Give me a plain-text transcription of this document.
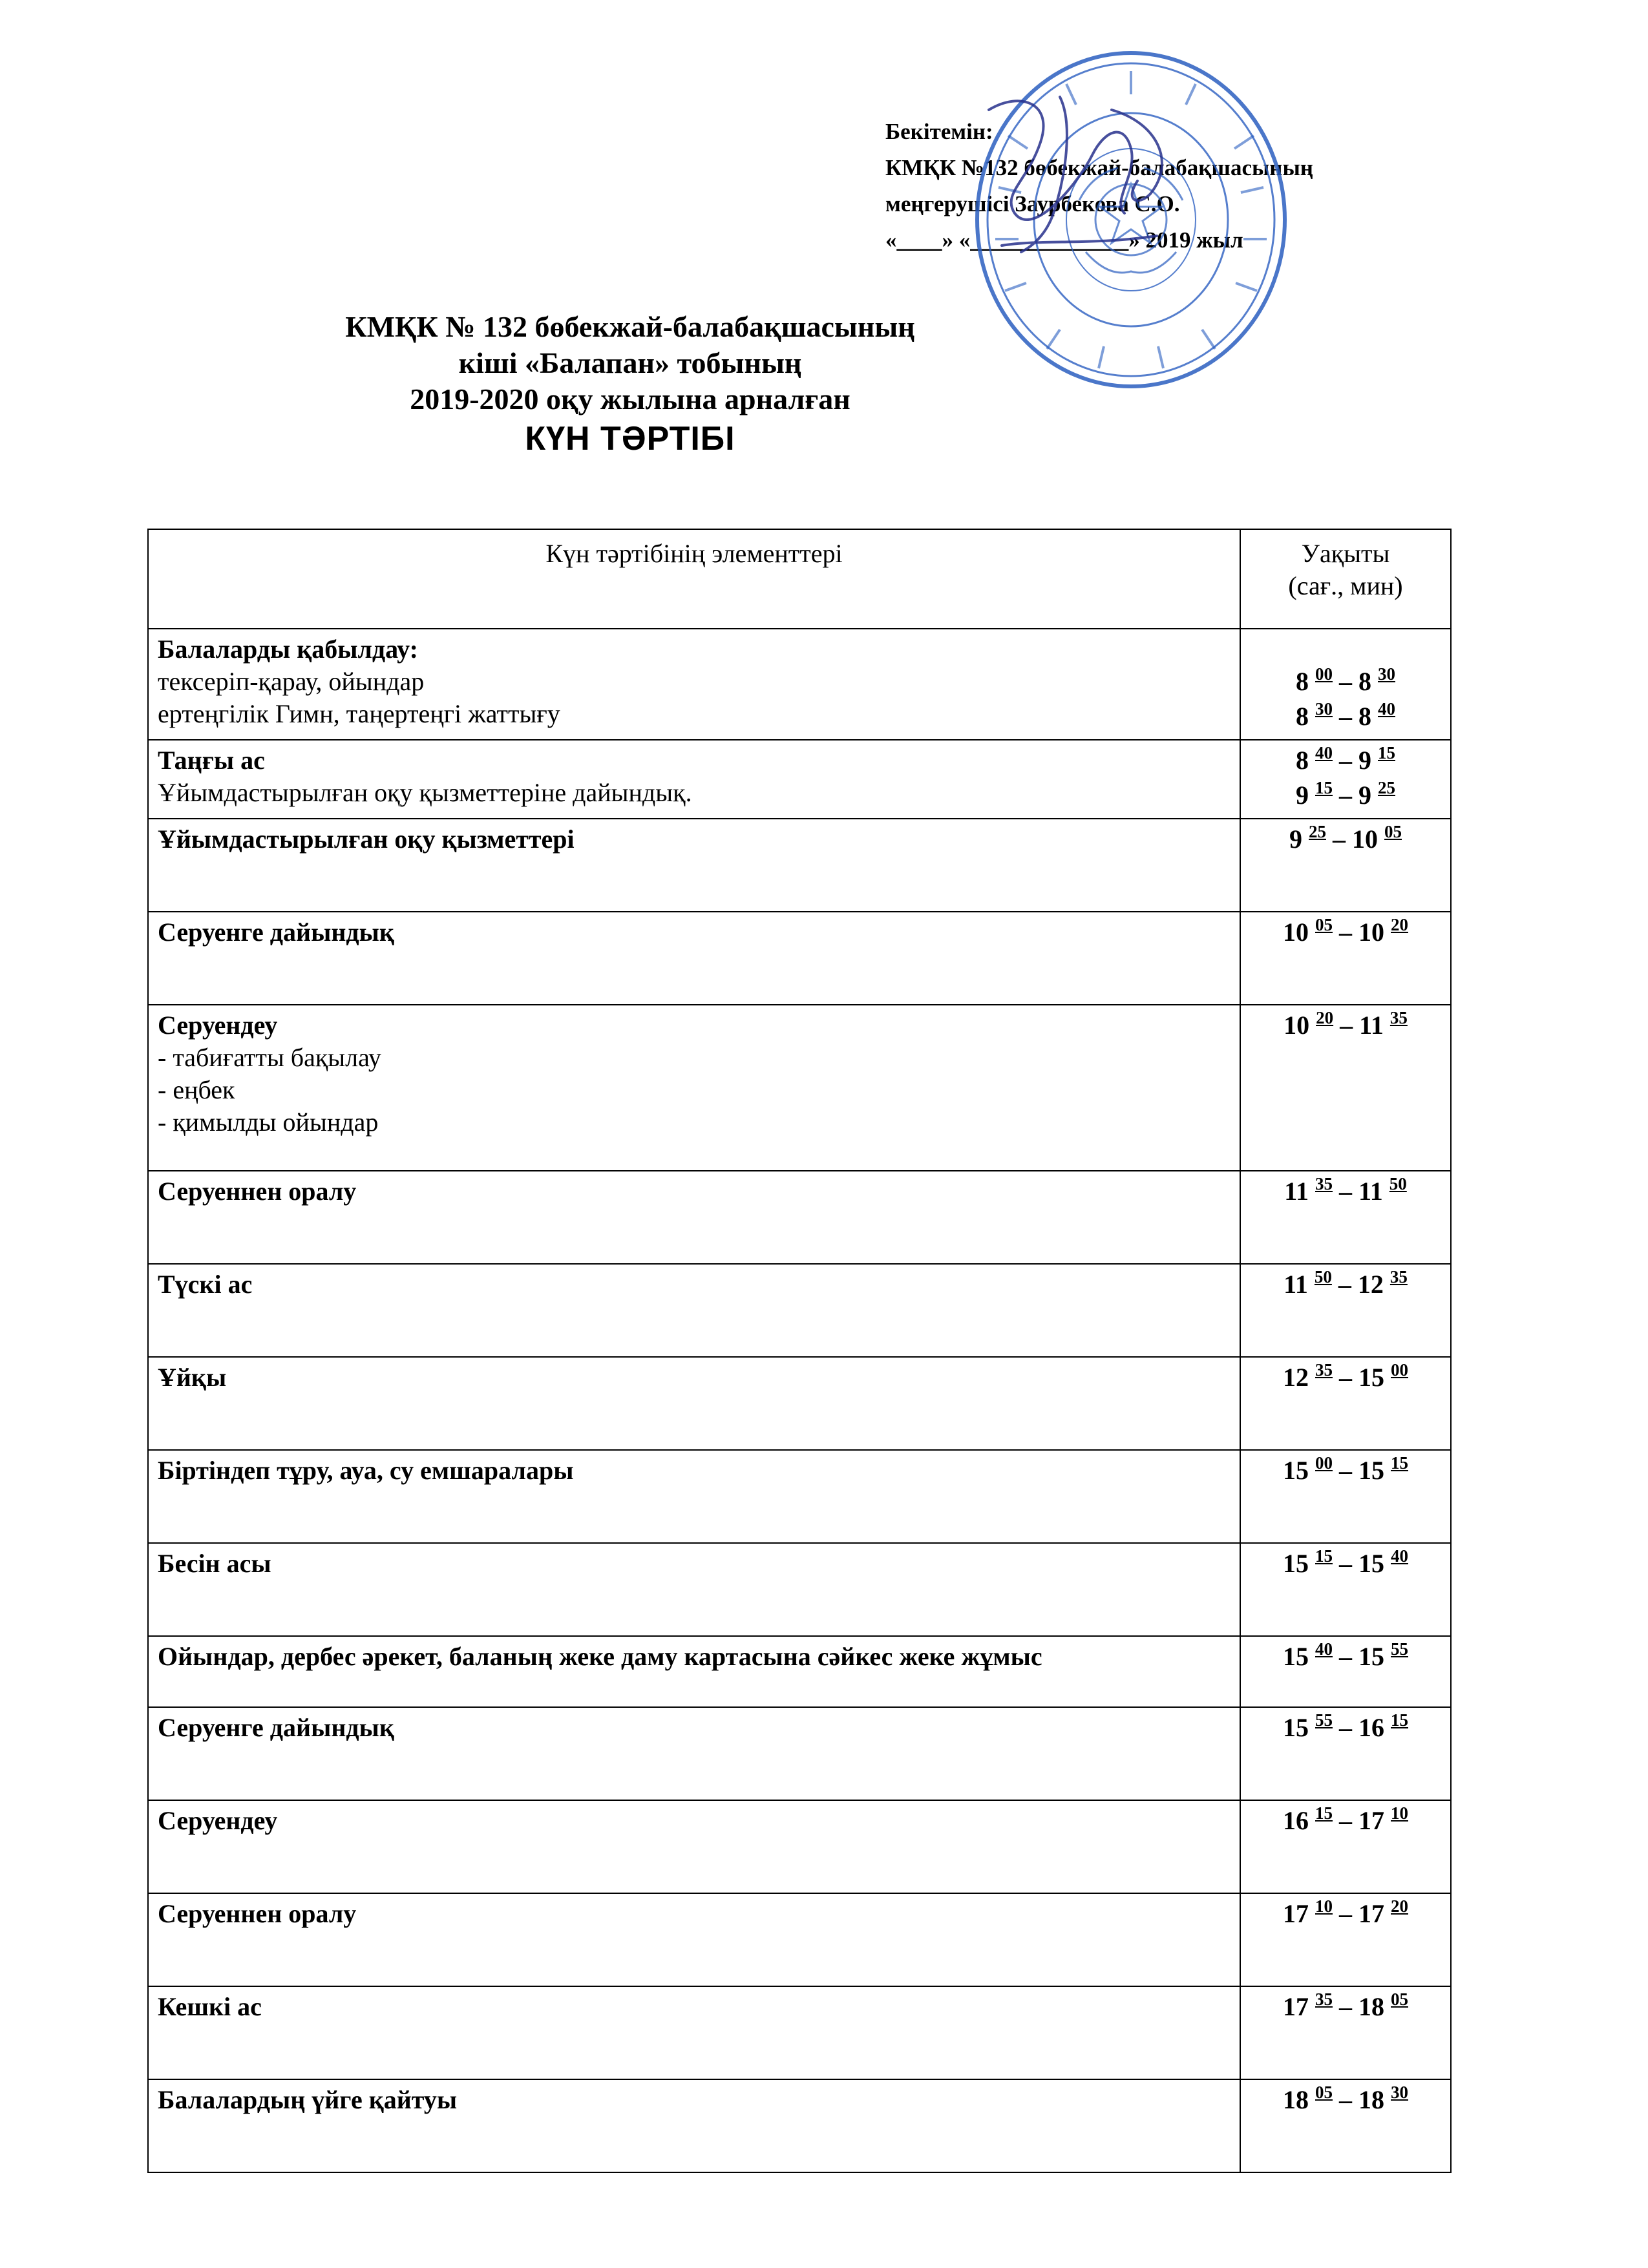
Бекітемін:
КМҚК №132 бөбекжай-балабақшасының
меңгерушісі Заурбекова С.О.
«____» «______________» 2019 жыл
КМҚК № 132 бөбекжай-балабақшасының
кіші «Балапан» тобының
2019-2020 оқу жылына арналған
КҮН ТӘРТІБІ
Күн тәртібінің элементтері	Уақыты
(сағ., мин)

Балаларды қабылдау:
тексеріп-қарау, ойындар
ертеңгілік Гимн, таңертеңгі жаттығу	8 $^{00}$ – 8 $^{30}$
8 $^{30}$ – 8 $^{40}$

Таңғы ас
Ұйымдастырылған оқу қызметтеріне дайындық.	8 $^{40}$ – 9 $^{15}$
9 $^{15}$ – 9 $^{25}$

Ұйымдастырылған оқу қызметтері	9 $^{25}$ – 10 $^{05}$

Серуенге дайындық	10 $^{05}$ – 10 $^{20}$

Серуендеу
- табиғатты бақылау
- еңбек
- қимылды ойындар	10 $^{20}$ – 11 $^{35}$

Серуеннен оралу	11 $^{35}$ – 11 $^{50}$

Түскі ас	11 $^{50}$ – 12 $^{35}$

Ұйқы	12 $^{35}$ – 15 $^{00}$

Біртіндеп тұру, ауа, су емшаралары	15 $^{00}$ – 15 $^{15}$

Бесін асы	15 $^{15}$ – 15 $^{40}$

Ойындар, дербес әрекет, баланың жеке даму картасына сәйкес жеке жұмыс	15 $^{40}$ – 15 $^{55}$

Серуенге дайындық	15 $^{55}$ – 16 $^{15}$

Серуендеу	16 $^{15}$ – 17 $^{10}$

Серуеннен оралу	17 $^{10}$ – 17 $^{20}$

Кешкі ас	17 $^{35}$ – 18 $^{05}$

Балалардың үйге қайтуы	18 $^{05}$ – 18 $^{30}$
